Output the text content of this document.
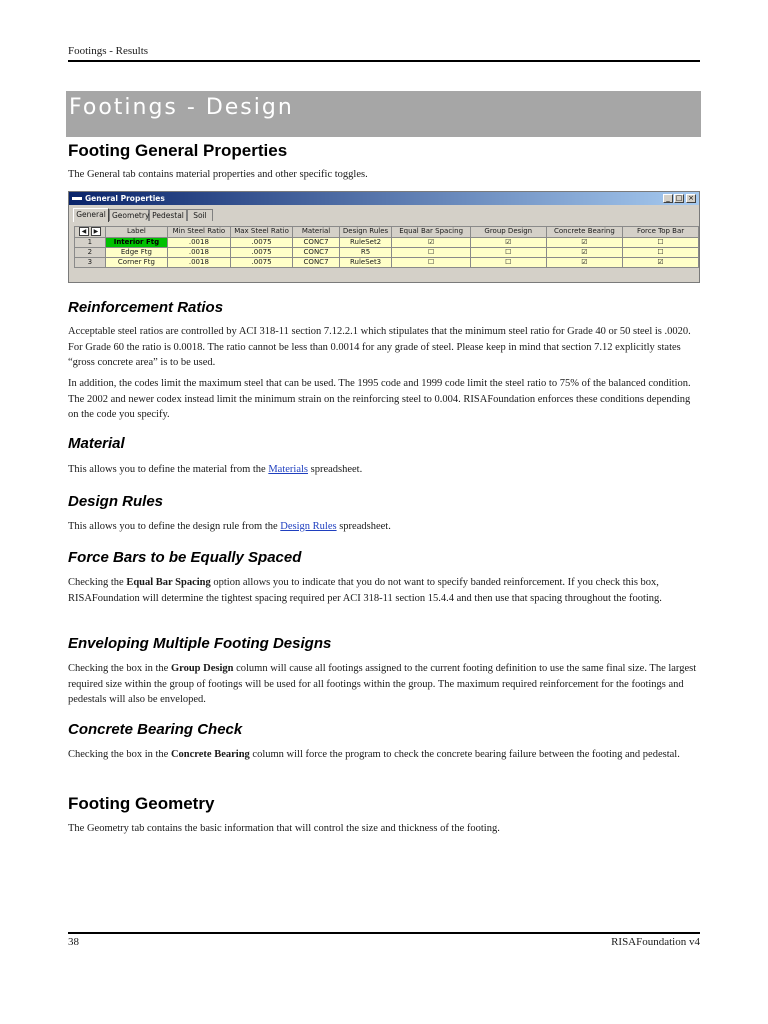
Footings - Results
Footings - Design
Footing General Properties
The General tab contains material properties and other specific toggles.
General Properties	_ □ ×
General Geometry Pedestal	Soil
◀ ▶	Label	Min Steel Ratio	Max Steel Ratio	Material	Design Rules	Equal Bar Spacing	Group Design	Concrete Bearing	Force Top Bar
1	Interior Ftg	.0018	.0075	CONC7	RuleSet2	☑	☑	☑	☐
2	Edge Ftg	.0018	.0075	CONC7	R5	☐	☐	☑	☐
3	Corner Ftg	.0018	.0075	CONC7	RuleSet3	☐	☐	☑	☑
Reinforcement Ratios
Acceptable steel ratios are controlled by ACI 318-11 section 7.12.2.1 which stipulates that the minimum steel ratio for Grade 40 or 50 steel is .0020. For Grade 60 the ratio is 0.0018. The ratio cannot be less than 0.0014 for any grade of steel. Please keep in mind that section 7.12 explicitly states “gross concrete area” is to be used.
In addition, the codes limit the maximum steel that can be used. The 1995 code and 1999 code limit the steel ratio to 75% of the balanced condition. The 2002 and newer codex instead limit the minimum strain on the reinforcing steel to 0.004. RISAFoundation enforces these conditions depending on the code you specify.
Material
This allows you to define the material from the Materials spreadsheet.
Design Rules
This allows you to define the design rule from the Design Rules spreadsheet.
Force Bars to be Equally Spaced
Checking the Equal Bar Spacing option allows you to indicate that you do not want to specify banded reinforcement. If you check this box, RISAFoundation will determine the tightest spacing required per ACI 318-11 section 15.4.4 and then use that spacing throughout the footing.
Enveloping Multiple Footing Designs
Checking the box in the Group Design column will cause all footings assigned to the current footing definition to use the same final size. The largest required size within the group of footings will be used for all footings within the group. The maximum required reinforcement for the footings and pedestals will also be enveloped.
Concrete Bearing Check
Checking the box in the Concrete Bearing column will force the program to check the concrete bearing failure between the footing and pedestal.
Footing Geometry
The Geometry tab contains the basic information that will control the size and thickness of the footing.
38	RISAFoundation v4
